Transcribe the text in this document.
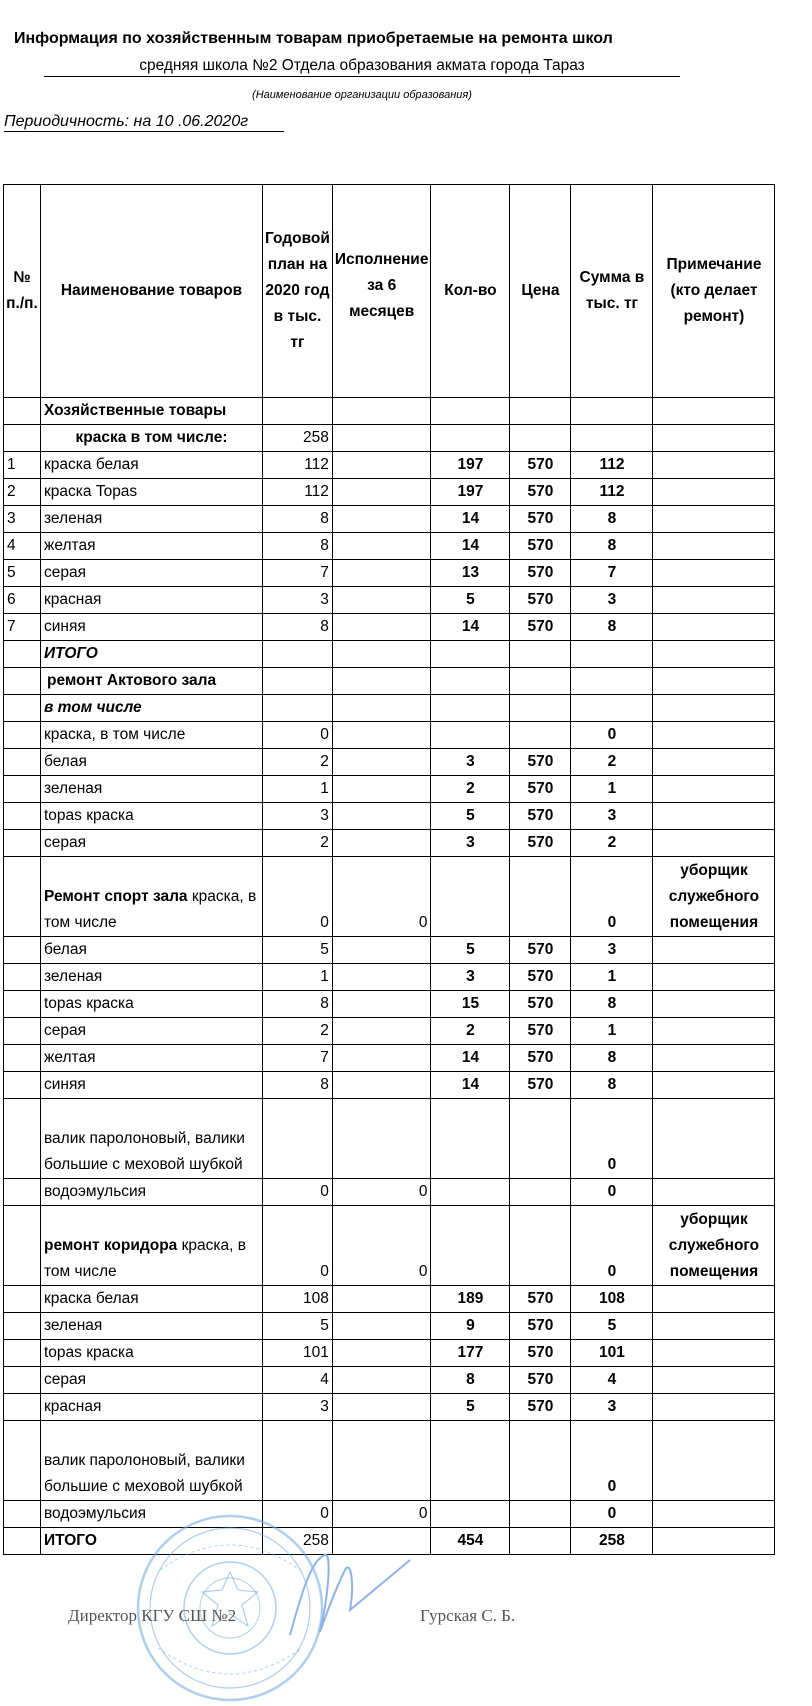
Информация по хозяйственным товарам приобретаемые на ремонта школ
средняя школа №2 Отдела образования акмата города Тараз
(Наименование организации образования)
Периодичность: на 10 .06.2020г
№ п./п.	Наименование товаров	Годовой план на 2020 год в тыс. тг	Исполнение за 6 месяцев	Кол-во	Цена	Сумма в тыс. тг	Примечание (кто делает ремонт)
	Хозяйственные товары						
	краска в том числе:	258					
1	краска белая	112		197	570	112	
2	краска Topas	112		197	570	112	
3	зеленая	8		14	570	8	
4	желтая	8		14	570	8	
5	серая	7		13	570	7	
6	красная	3		5	570	3	
7	синяя	8		14	570	8	
	ИТОГО						
	ремонт Актового зала						
	в том числе						
	краска, в том числе	0				0	
	белая	2		3	570	2	
	зеленая	1		2	570	1	
	topas краска	3		5	570	3	
	серая	2		3	570	2	
	Ремонт спорт зала краска, в том числе	0	0			0	уборщик служебного помещения
	белая	5		5	570	3	
	зеленая	1		3	570	1	
	topas краска	8		15	570	8	
	серая	2		2	570	1	
	желтая	7		14	570	8	
	синяя	8		14	570	8	
	валик паролоновый, валики большие с меховой шубкой					0	
	водоэмульсия	0	0			0	
	ремонт коридора краска, в том числе	0	0			0	уборщик служебного помещения
	краска белая	108		189	570	108	
	зеленая	5		9	570	5	
	topas краска	101		177	570	101	
	серая	4		8	570	4	
	красная	3		5	570	3	
	валик паролоновый, валики большие с меховой шубкой					0	
	водоэмульсия	0	0			0	
	ИТОГО	258		454		258	
Директор КГУ СШ №2	Гурская С. Б.
